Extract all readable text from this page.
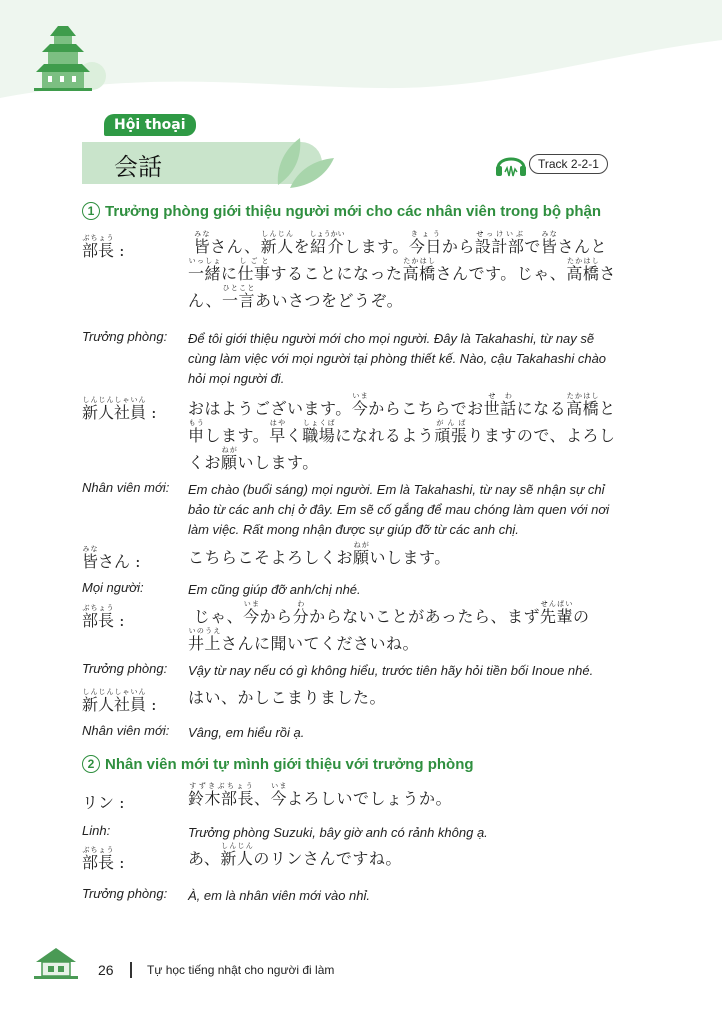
Hội thoại
会話	Track 2-2-1
1 Trưởng phòng giới thiệu người mới cho các nhân viên trong bộ phận
部長ぶちょう :	皆みなさん、新人しんじんを紹介しょうかいします。今日きょうから設計部せっけいぶで皆みなさんと一緒いっしょに仕事しごとすることになった高橋たかはしさんです。じゃ、高橋たかはしさん、一言ひとことあいさつをどうぞ。
Trưởng phòng: Để tôi giới thiệu người mới cho mọi người. Đây là Takahashi, từ nay sẽ cùng làm việc với mọi người tại phòng thiết kế. Nào, cậu Takahashi chào hỏi mọi người đi.
新人社員しんじんしゃいん : おはようございます。今いまからこちらでお世話せわになる高橋たかはしと申もうします。早はやく職場しょくばになれるよう頑張がんばりますので、よろしくお願ねがいします。
Nhân viên mới: Em chào (buổi sáng) mọi người. Em là Takahashi, từ nay sẽ nhận sự chỉ bảo từ các anh chị ở đây. Em sẽ cố gắng để mau chóng làm quen với nơi làm việc. Rất mong nhận được sự giúp đỡ từ các anh chị.
皆みなさん :	こちらこそよろしくお願ねがいします。
Mọi người:	Em cũng giúp đỡ anh/chị nhé.
部長ぶちょう :	じゃ、今いまから分わからないことがあったら、まず先輩せんぱいの井上いのうえさんに聞いてくださいね。
Trưởng phòng: Vậy từ nay nếu có gì không hiểu, trước tiên hãy hỏi tiền bối Inoue nhé.
新人社員しんじんしゃいん : はい、かしこまりました。
Nhân viên mới: Vâng, em hiểu rồi ạ.
2 Nhân viên mới tự mình giới thiệu với trưởng phòng
リン :	鈴木部長すずきぶちょう、今いまよろしいでしょうか。
Linh:	Trưởng phòng Suzuki, bây giờ anh có rảnh không ạ.
部長ぶちょう :	あ、新人しんじんのリンさんですね。
Trưởng phòng: À, em là nhân viên mới vào nhỉ.
26	Tự học tiếng nhật cho người đi làm
